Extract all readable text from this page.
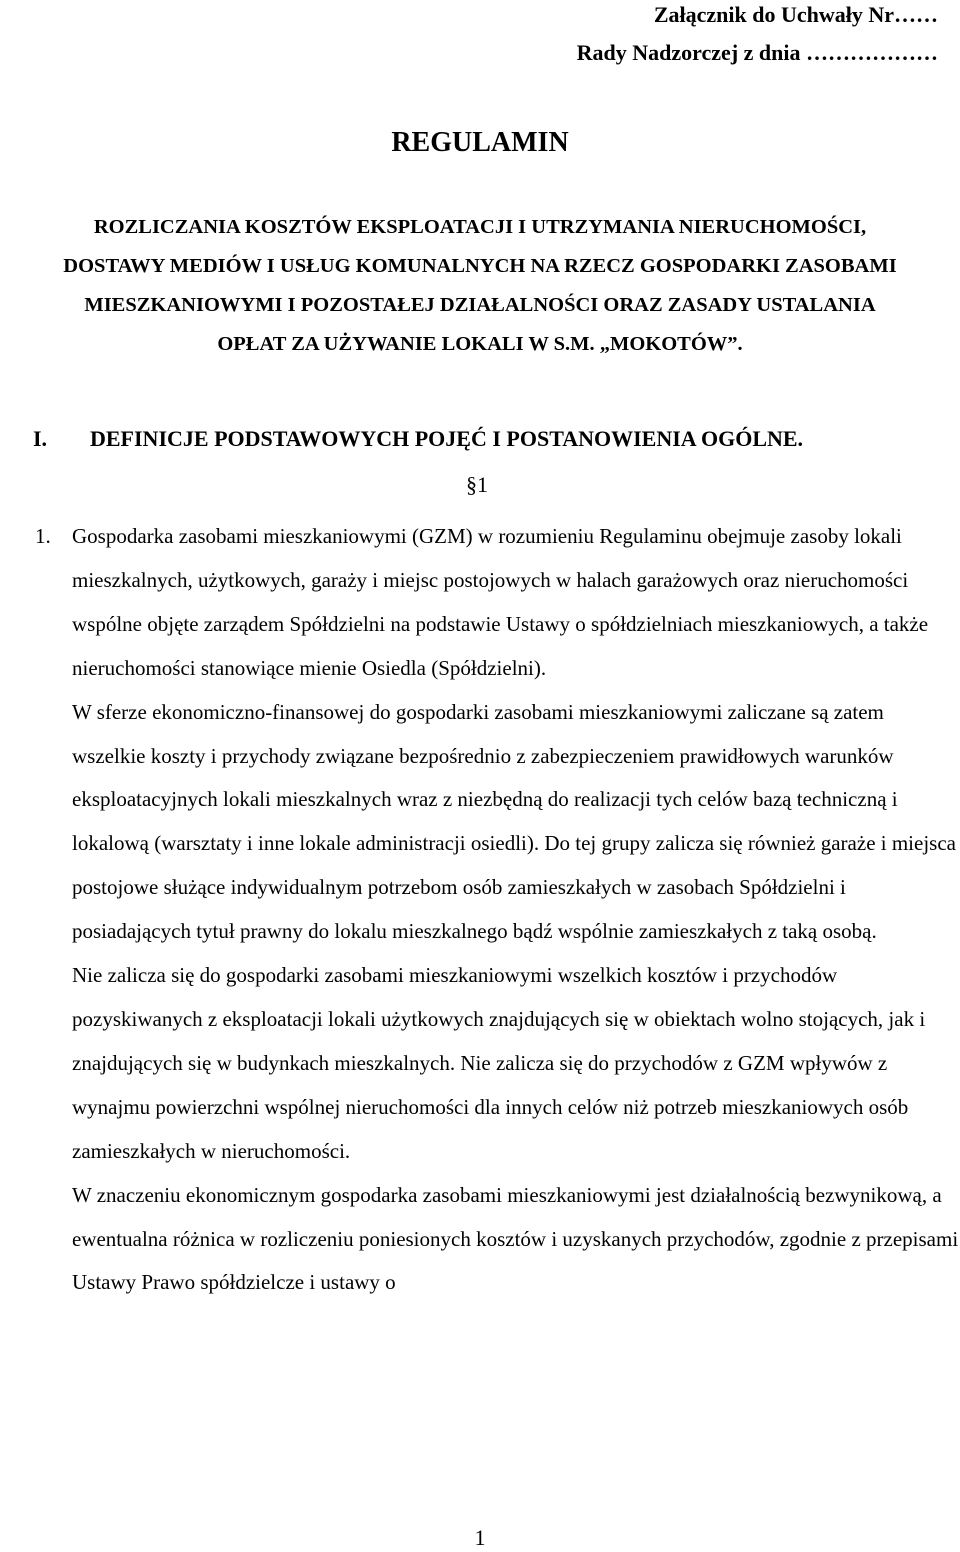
Załącznik do Uchwały Nr……
Rady Nadzorczej z dnia ………………
REGULAMIN
ROZLICZANIA KOSZTÓW EKSPLOATACJI I UTRZYMANIA NIERUCHOMOŚCI,
DOSTAWY MEDIÓW I USŁUG KOMUNALNYCH NA RZECZ GOSPODARKI ZASOBAMI
MIESZKANIOWYMI I POZOSTAŁEJ DZIAŁALNOŚCI ORAZ ZASADY USTALANIA
OPŁAT ZA UŻYWANIE LOKALI W S.M. „MOKOTÓW”.
I. DEFINICJE PODSTAWOWYCH POJĘĆ I POSTANOWIENIA OGÓLNE.
§1

1. Gospodarka zasobami mieszkaniowymi (GZM) w rozumieniu Regulaminu obejmuje zasoby lokali mieszkalnych, użytkowych, garaży i miejsc postojowych w halach garażowych oraz nieruchomości wspólne objęte zarządem Spółdzielni na podstawie Ustawy o spółdzielniach mieszkaniowych, a także nieruchomości stanowiące mienie Osiedla (Spółdzielni).

W sferze ekonomiczno-finansowej do gospodarki zasobami mieszkaniowymi zaliczane są zatem wszelkie koszty i przychody związane bezpośrednio z zabezpieczeniem prawidłowych warunków eksploatacyjnych lokali mieszkalnych wraz z niezbędną do realizacji tych celów bazą techniczną i lokalową (warsztaty i inne lokale administracji osiedli). Do tej grupy zalicza się również garaże i miejsca postojowe służące indywidualnym potrzebom osób zamieszkałych w zasobach Spółdzielni i posiadających tytuł prawny do lokalu mieszkalnego bądź wspólnie zamieszkałych z taką osobą.

Nie zalicza się do gospodarki zasobami mieszkaniowymi wszelkich kosztów i przychodów pozyskiwanych z eksploatacji lokali użytkowych znajdujących się w obiektach wolno stojących, jak i znajdujących się w budynkach mieszkalnych. Nie zalicza się do przychodów z GZM wpływów z wynajmu powierzchni wspólnej nieruchomości dla innych celów niż potrzeb mieszkaniowych osób zamieszkałych w nieruchomości.

W znaczeniu ekonomicznym gospodarka zasobami mieszkaniowymi jest działalnością bezwynikową, a ewentualna różnica w rozliczeniu poniesionych kosztów i uzyskanych przychodów, zgodnie z przepisami Ustawy Prawo spółdzielcze i ustawy o

1
